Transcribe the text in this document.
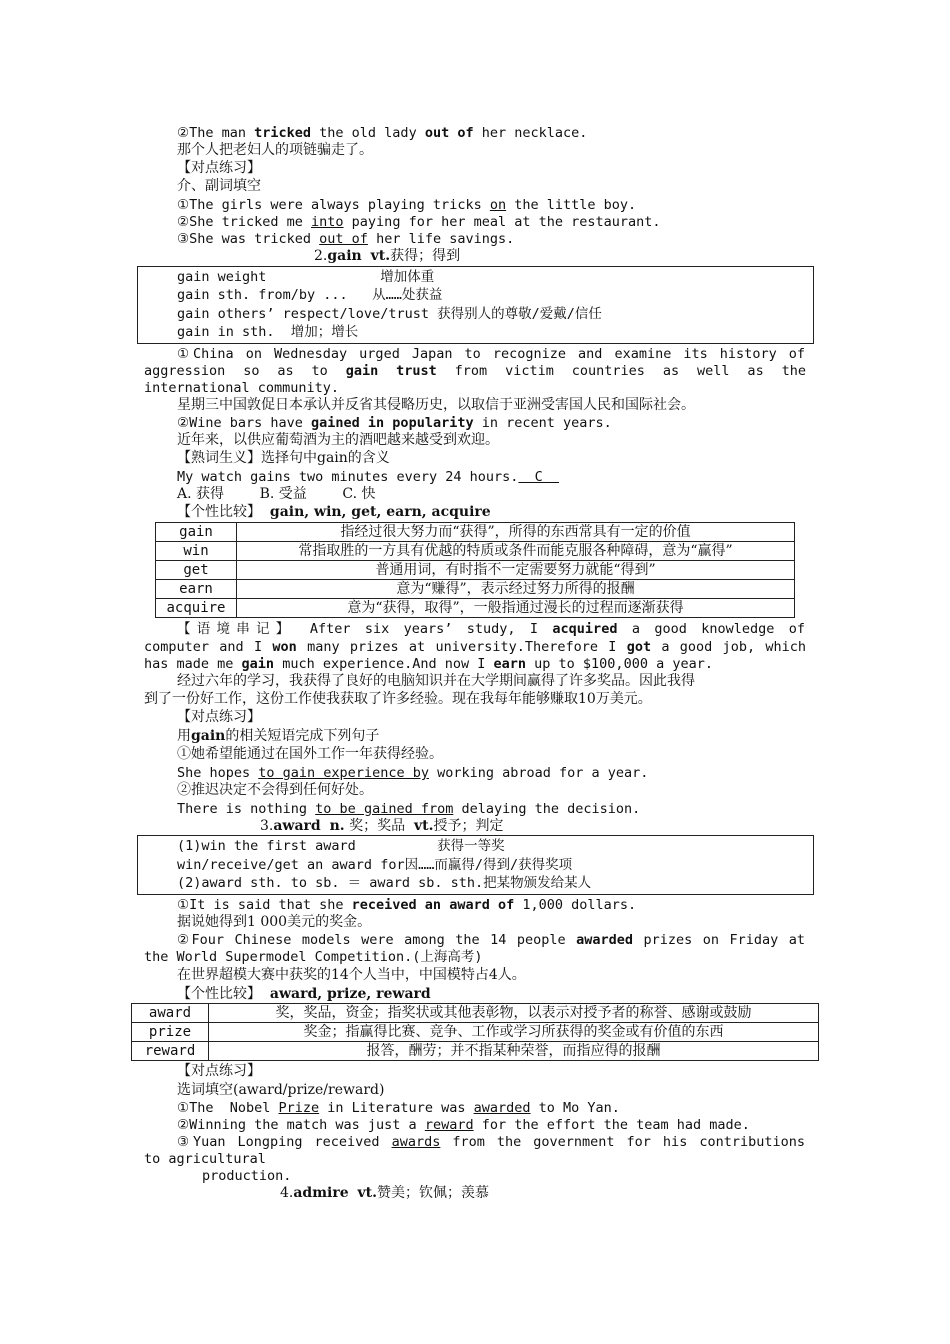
②The man tricked the old lady out of her necklace.
那个人把老妇人的项链骗走了。
【对点练习】
介、副词填空
①The girls were always playing tricks on the little boy.
②She tricked me into paying for her meal at the restaurant.
③She was tricked out of her life savings.
2.gain vt.获得；得到
gain weight              增加体重
gain sth. from/by ...   从……处获益
gain others’ respect/love/trust 获得别人的尊敬/爱戴/信任
gain in sth.  增加；增长
①China on Wednesday urged Japan to recognize and examine its history of
aggression so as to gain trust from victim countries as well as the
international community.
星期三中国敦促日本承认并反省其侵略历史，以取信于亚洲受害国人民和国际社会。
②Wine bars have gained in popularity in recent years.
近年来，以供应葡萄酒为主的酒吧越来越受到欢迎。
【熟词生义】选择句中gain的含义
My watch gains two minutes every 24 hours.  C
A. 获得        B. 受益        C. 快
【个性比较】  gain, win, get, earn, acquire
gain	指经过很大努力而“获得”，所得的东西常具有一定的价值
win	常指取胜的一方具有优越的特质或条件而能克服各种障碍，意为“赢得”
get	普通用词，有时指不一定需要努力就能“得到”
earn	意为“赚得”，表示经过努力所得的报酬
acquire	意为“获得，取得”，一般指通过漫长的过程而逐渐获得
【语境串记】 After six years’ study, I acquired a good knowledge of
computer and I won many prizes at university.Therefore I got a good job, which
has made me gain much experience.And now I earn up to $100,000 a year.
经过六年的学习，我获得了良好的电脑知识并在大学期间赢得了许多奖品。因此我得
到了一份好工作，这份工作使我获取了许多经验。现在我每年能够赚取10万美元。
【对点练习】
用gain的相关短语完成下列句子
①她希望能通过在国外工作一年获得经验。
She hopes to gain experience by working abroad for a year.
②推迟决定不会得到任何好处。
There is nothing to be gained from delaying the decision.
3.award n. 奖；奖品  vt.授予；判定
(1)win the first award          获得一等奖
win/receive/get an award for因……而赢得/得到/获得奖项
(2)award sth. to sb. ＝ award sb. sth.把某物颁发给某人
①It is said that she received an award of 1,000 dollars.
据说她得到1 000美元的奖金。
②Four Chinese models were among the 14 people awarded prizes on Friday at
the World Supermodel Competition.(上海高考)
在世界超模大赛中获奖的14个人当中，中国模特占4人。
【个性比较】  award, prize, reward
award	奖，奖品，资金；指奖状或其他表彰物，以表示对授予者的称誉、感谢或鼓励
prize	奖金；指赢得比赛、竞争、工作或学习所获得的奖金或有价值的东西
reward	报答，酬劳；并不指某种荣誉，而指应得的报酬
【对点练习】
选词填空(award/prize/reward)
①The  Nobel Prize in Literature was awarded to Mo Yan.
②Winning the match was just a reward for the effort the team had made.
③Yuan Longping received awards from the government for his contributions
to agricultural
production.
4.admire vt.赞美；钦佩；羡慕
